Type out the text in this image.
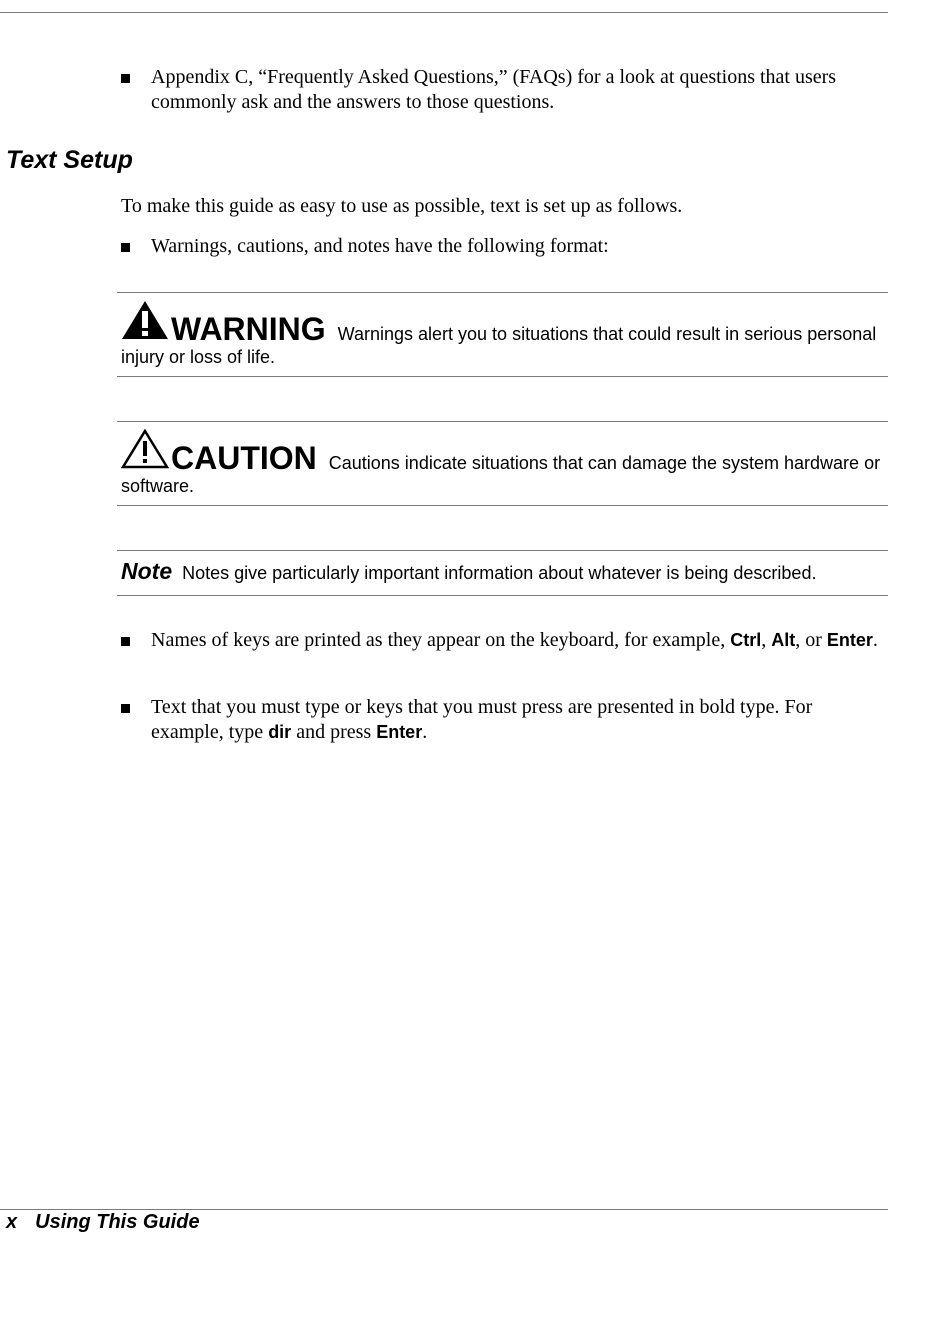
Appendix C, “Frequently Asked Questions,” (FAQs) for a look at questions that users commonly ask and the answers to those questions.
Text Setup

To make this guide as easy to use as possible, text is set up as follows.

Warnings, cautions, and notes have the following format:
WARNING Warnings alert you to situations that could result in serious personal injury or loss of life.
CAUTION Cautions indicate situations that can damage the system hardware or software.
Note Notes give particularly important information about whatever is being described.
Names of keys are printed as they appear on the keyboard, for example, Ctrl, Alt, or Enter.
Text that you must type or keys that you must press are presented in bold type. For example, type dir and press Enter.
x Using This Guide
